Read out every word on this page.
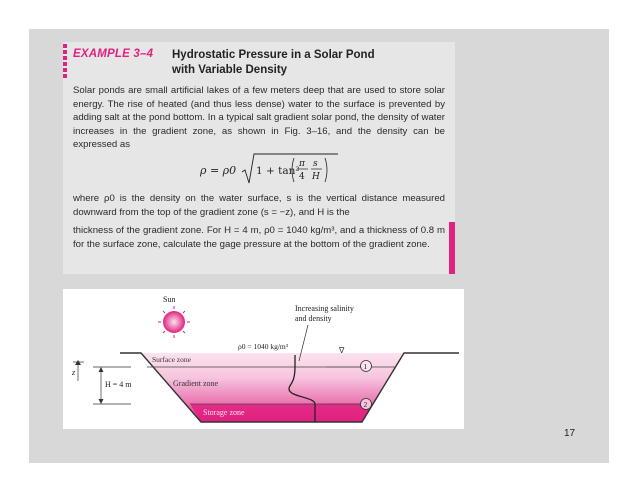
EXAMPLE 3–4 Hydrostatic Pressure in a Solar Pond
with Variable Density
Solar ponds are small artificial lakes of a few meters deep that are used to store solar energy. The rise of heated (and thus less dense) water to the surface is prevented by adding salt at the pond bottom. In a typical salt gradient solar pond, the density of water increases in the gradient zone, as shown in Fig. 3–16, and the density can be expressed as
ρ = ρ0 1 + tan²
π
4
s
H
where ρ0 is the density on the water surface, s is the vertical distance measured downward from the top of the gradient zone (s = −z), and H is the
thickness of the gradient zone. For H = 4 m, ρ0 = 1040 kg/m³, and a thickness of 0.8 m for the surface zone, calculate the gage pressure at the bottom of the gradient zone.
Sun
Increasing salinity
and density
ρ0 = 1040 kg/m³	∇
Surface zone
Gradient zone
Storage zone
1
2
z
H = 4 m
17
